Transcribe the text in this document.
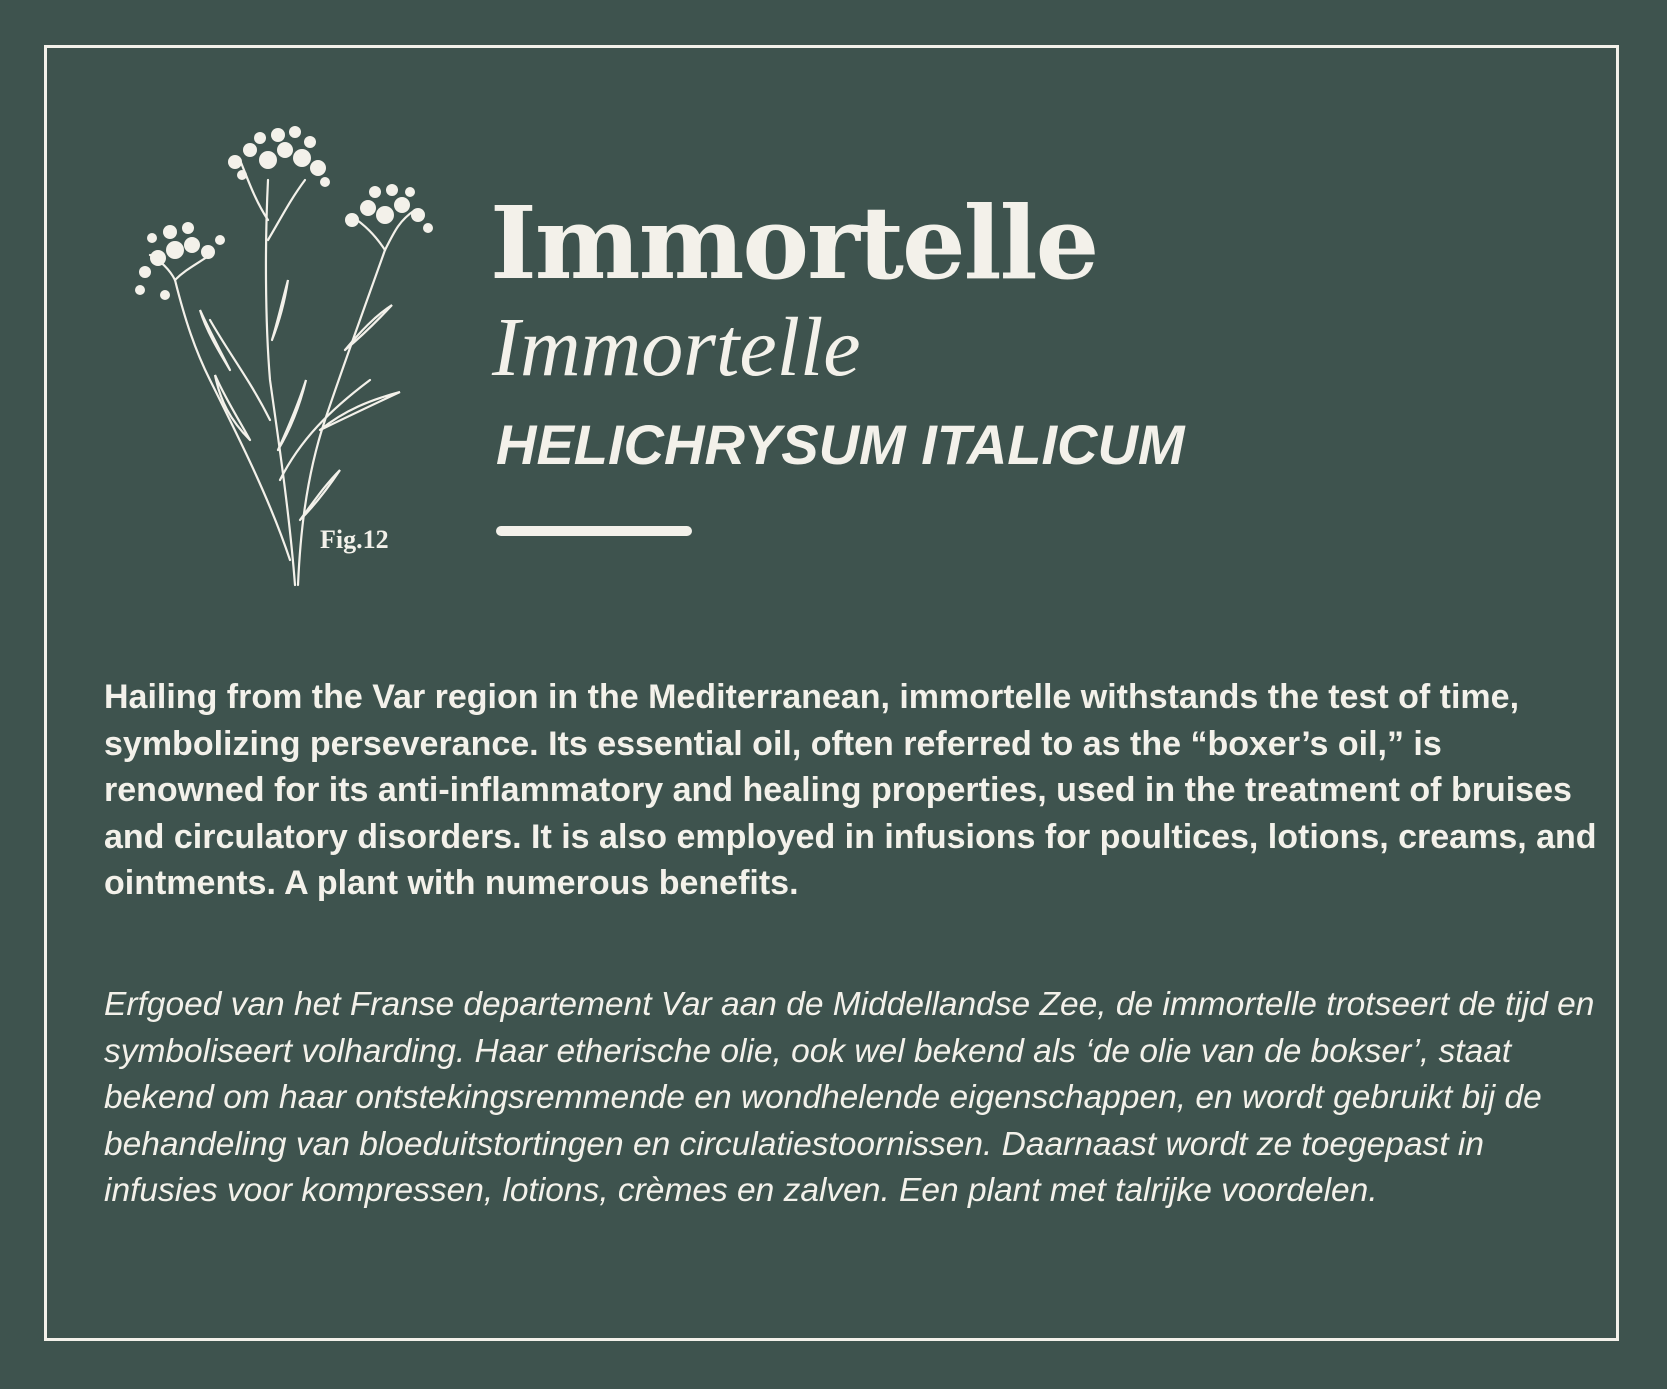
Fig.12
Immortelle
Immortelle
HELICHRYSUM ITALICUM

Hailing from the Var region in the Mediterranean, immortelle withstands the test of time, symbolizing perseverance. Its essential oil, often referred to as the “boxer’s oil,” is renowned for its anti-inflammatory and healing properties, used in the treatment of bruises and circulatory disorders. It is also employed in infusions for poultices, lotions, creams, and ointments. A plant with numerous benefits.

Erfgoed van het Franse departement Var aan de Middellandse Zee, de immortelle trotseert de tijd en symboliseert volharding. Haar etherische olie, ook wel bekend als ‘de olie van de bokser’, staat bekend om haar ontstekingsremmende en wondhelende eigenschappen, en wordt gebruikt bij de behandeling van bloeduitstortingen en circulatiestoornissen. Daarnaast wordt ze toegepast in infusies voor kompressen, lotions, crèmes en zalven. Een plant met talrijke voordelen.
